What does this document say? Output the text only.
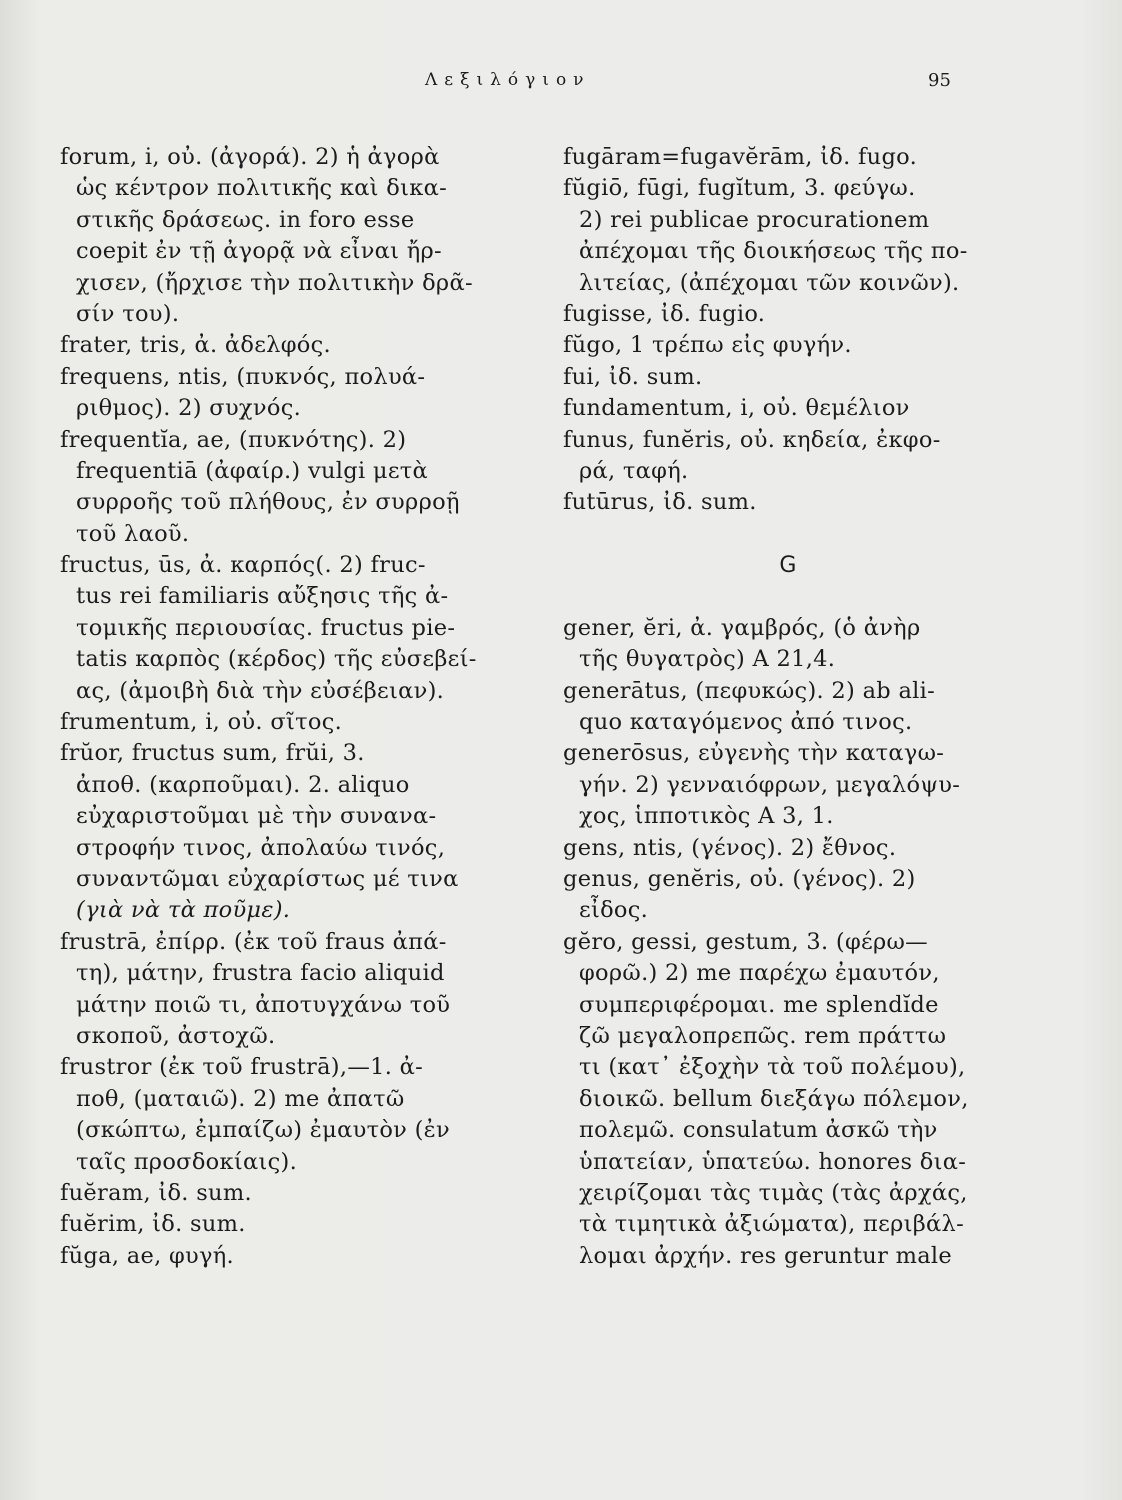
Λεξιλόγιον	95
forum, i, οὐ. (ἀγορά). 2) ἡ ἀγορὰ
ὡς κέντρον πολιτικῆς καὶ δικα-
στικῆς δράσεως. in foro esse
coepit ἐν τῇ ἀγορᾷ νὰ εἶναι ἤρ-
χισεν, (ἤρχισε τὴν πολιτικὴν δρᾶ-
σίν του).
frater, tris, ἀ. ἀδελφός.
frequens, ntis, (πυκνός, πολυά-
ριθμος). 2) συχνός.
frequentĭa, ae, (πυκνότης). 2)
frequentiā (ἀφαίρ.) vulgi μετὰ
συρροῆς τοῦ πλήθους, ἐν συρροῇ
τοῦ λαοῦ.
fructus, ūs, ἀ. καρπός(. 2) fruc-
tus rei familiaris αὔξησις τῆς ἀ-
τομικῆς περιουσίας. fructus pie-
tatis καρπὸς (κέρδος) τῆς εὐσεβεί-
ας, (ἀμοιβὴ διὰ τὴν εὐσέβειαν).
frumentum, i, οὐ. σῖτος.
frŭor, fructus sum, frŭi, 3.
ἀποθ. (καρποῦμαι). 2. aliquo
εὐχαριστοῦμαι μὲ τὴν συνανα-
στροφήν τινος, ἀπολαύω τινός,
συναντῶμαι εὐχαρίστως μέ τινα
(γιὰ νὰ τὰ ποῦμε).
frustrā, ἐπίρρ. (ἐκ τοῦ fraus ἀπά-
τη), μάτην, frustra facio aliquid
μάτην ποιῶ τι, ἀποτυγχάνω τοῦ
σκοποῦ, ἀστοχῶ.
frustror (ἐκ τοῦ frustrā),—1. ἀ-
ποθ, (ματαιῶ). 2) me ἀπατῶ
(σκώπτω, ἐμπαίζω) ἐμαυτὸν (ἐν
ταῖς προσδοκίαις).
fuĕram, ἰδ. sum.
fuĕrim, ἰδ. sum.
fŭga, ae, φυγή.
fugāram=fugavĕrām, ἰδ. fugo.
fŭgiō, fūgi, fugĭtum, 3. φεύγω.
2) rei publicae procurationem
ἀπέχομαι τῆς διοικήσεως τῆς πο-
λιτείας, (ἀπέχομαι τῶν κοινῶν).
fugisse, ἰδ. fugio.
fŭgo, 1 τρέπω εἰς φυγήν.
fui, ἰδ. sum.
fundamentum, i, οὐ. θεμέλιον
funus, funĕris, οὐ. κηδεία, ἐκφο-
ρά, ταφή.
futūrus, ἰδ. sum.
G
gener, ĕri, ἀ. γαμβρός, (ὁ ἀνὴρ
τῆς θυγατρὸς) Α 21,4.
generātus, (πεφυκώς). 2) ab ali-
quo καταγόμενος ἀπό τινος.
generōsus, εὐγενὴς τὴν καταγω-
γήν. 2) γενναιόφρων, μεγαλόψυ-
χος, ἱπποτικὸς Α 3, 1.
gens, ntis, (γένος). 2) ἔθνος.
genus, genĕris, οὐ. (γένος). 2)
εἶδος.
gĕro, gessi, gestum, 3. (φέρω—
φορῶ.) 2) me παρέχω ἐμαυτόν,
συμπεριφέρομαι. me splendĭde
ζῶ μεγαλοπρεπῶς. rem πράττω
τι (κατ᾿ ἐξοχὴν τὰ τοῦ πολέμου),
διοικῶ. bellum διεξάγω πόλεμον,
πολεμῶ. consulatum ἀσκῶ τὴν
ὑπατείαν, ὑπατεύω. honores δια-
χειρίζομαι τὰς τιμὰς (τὰς ἀρχάς,
τὰ τιμητικὰ ἀξιώματα), περιβάλ-
λομαι ἀρχήν. res geruntur male
